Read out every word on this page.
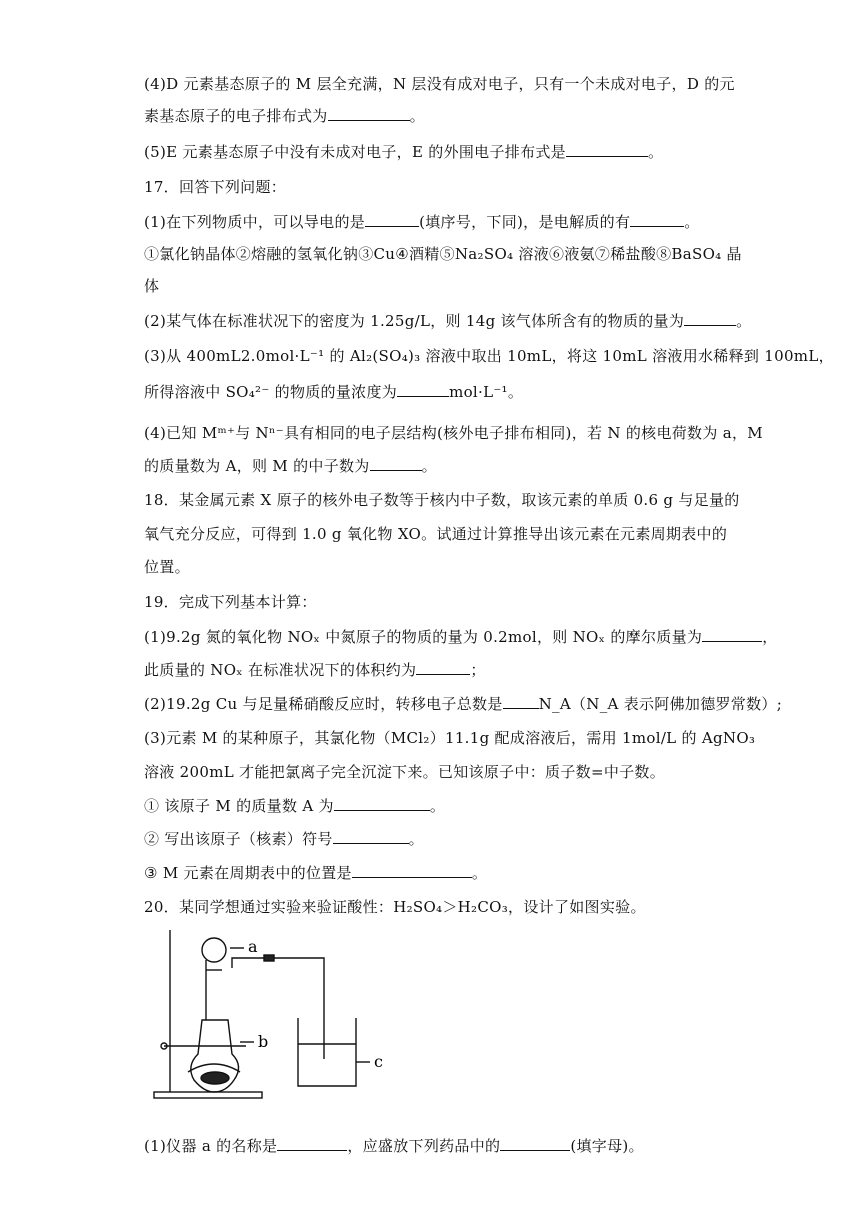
(4)D 元素基态原子的 M 层全充满，N 层没有成对电子，只有一个未成对电子，D 的元
素基态原子的电子排布式为	。
(5)E 元素基态原子中没有未成对电子，E 的外围电子排布式是	。
17．回答下列问题：
(1)在下列物质中，可以导电的是	(填序号，下同)，是电解质的有	。
①氯化钠晶体②熔融的氢氧化钠③Cu④酒精⑤Na₂SO₄ 溶液⑥液氨⑦稀盐酸⑧BaSO₄ 晶
体
(2)某气体在标准状况下的密度为 1.25g/L，则 14g 该气体所含有的物质的量为	。
(3)从 400mL2.0mol·L⁻¹ 的 Al₂(SO₄)₃ 溶液中取出 10mL，将这 10mL 溶液用水稀释到 100mL，
所得溶液中 SO₄²⁻ 的物质的量浓度为	mol·L⁻¹。
(4)已知 Mᵐ⁺与 Nⁿ⁻具有相同的电子层结构(核外电子排布相同)，若 N 的核电荷数为 a，M
的质量数为 A，则 M 的中子数为	。
18．某金属元素 X 原子的核外电子数等于核内中子数，取该元素的单质 0.6 g 与足量的
氧气充分反应，可得到 1.0 g 氧化物 XO。试通过计算推导出该元素在元素周期表中的
位置。
19．完成下列基本计算：
(1)9.2g 氮的氧化物 NOₓ 中氮原子的物质的量为 0.2mol，则 NOₓ 的摩尔质量为	，
此质量的 NOₓ 在标准状况下的体积约为	；
(2)19.2g Cu 与足量稀硝酸反应时，转移电子总数是 N_A（N_A 表示阿佛加德罗常数）;
(3)元素 M 的某种原子，其氯化物（MCl₂）11.1g 配成溶液后，需用 1mol/L 的 AgNO₃
溶液 200mL 才能把氯离子完全沉淀下来。已知该原子中：质子数=中子数。
① 该原子 M 的质量数 A 为	。
② 写出该原子（核素）符号	。
③ M 元素在周期表中的位置是	。
20．某同学想通过实验来验证酸性：H₂SO₄＞H₂CO₃，设计了如图实验。
a
b
c
(1)仪器 a 的名称是	，应盛放下列药品中的	(填字母)。
